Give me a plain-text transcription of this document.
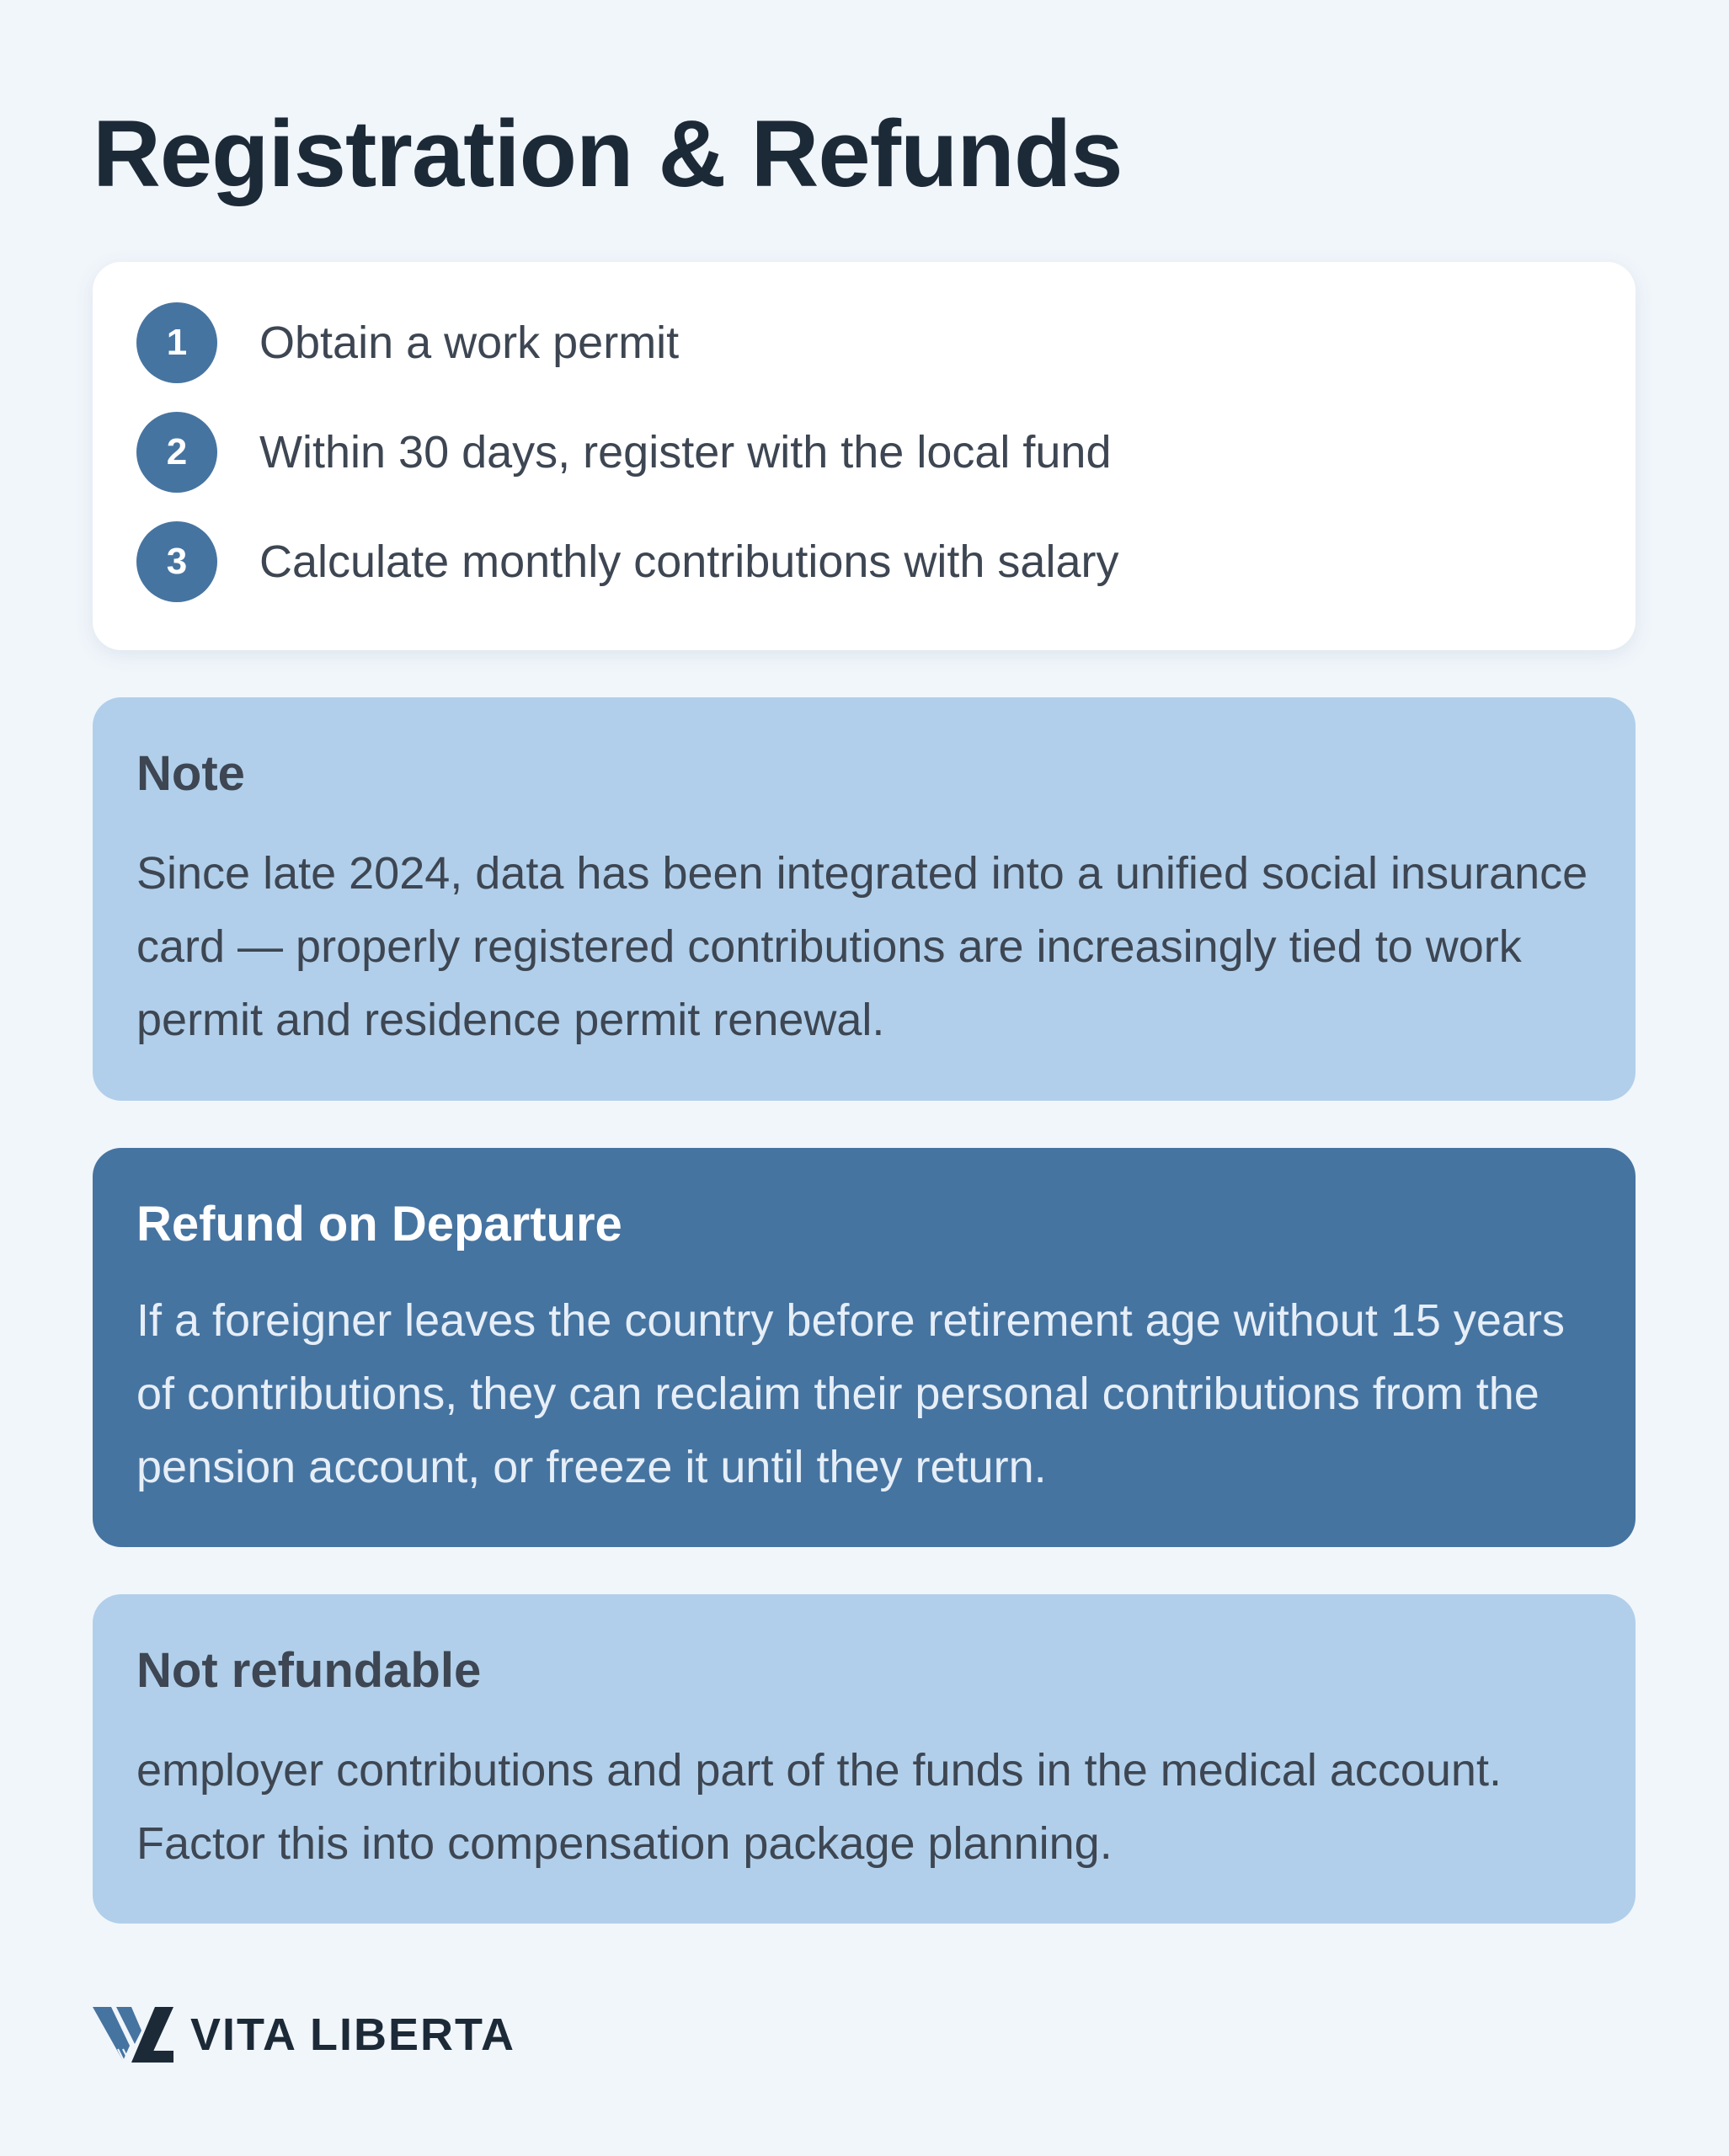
Registration & Refunds
1	Obtain a work permit
2	Within 30 days, register with the local fund
3	Calculate monthly contributions with salary
Note

Since late 2024, data has been integrated into a unified social insurance card — properly registered contributions are increasingly tied to work permit and residence permit renewal.

Refund on Departure

If a foreigner leaves the country before retirement age without 15 years of contributions, they can reclaim their personal contributions from the pension account, or freeze it until they return.

Not refundable

employer contributions and part of the funds in the medical account. Factor this into compensation package planning.

VITA LIBERTA
